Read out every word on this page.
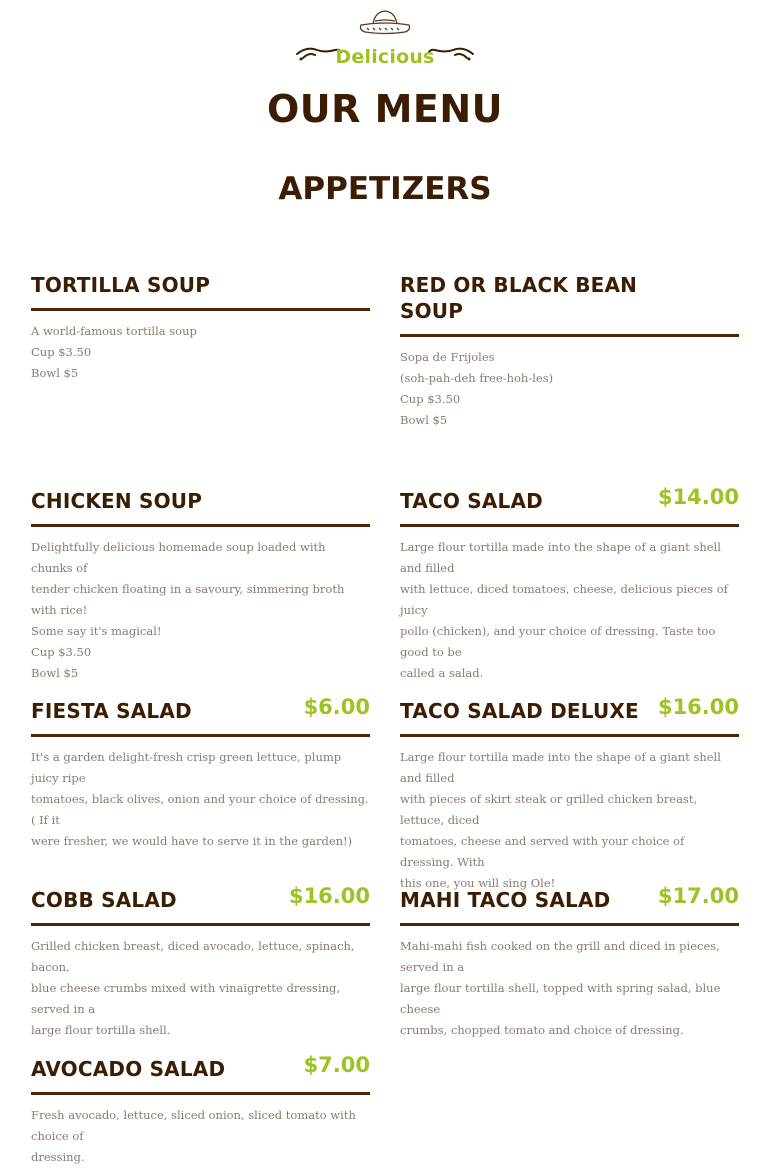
Delicious
OUR MENU
APPETIZERS
TORTILLA SOUP
A world-famous tortilla soup
Cup $3.50
Bowl $5
RED OR BLACK BEAN
SOUP
Sopa de Frijoles
(soh-pah-deh free-hoh-les)
Cup $3.50
Bowl $5
CHICKEN SOUP
Delightfully delicious homemade soup loaded with chunks of
tender chicken floating in a savoury, simmering broth with rice!
Some say it's magical!
Cup $3.50
Bowl $5
TACO SALAD	$14.00
Large flour tortilla made into the shape of a giant shell and filled
with lettuce, diced tomatoes, cheese, delicious pieces of juicy
pollo (chicken), and your choice of dressing. Taste too good to be
called a salad.
FIESTA SALAD	$6.00
It's a garden delight-fresh crisp green lettuce, plump juicy ripe
tomatoes, black olives, onion and your choice of dressing. ( If it
were fresher, we would have to serve it in the garden!)
TACO SALAD DELUXE $16.00
Large flour tortilla made into the shape of a giant shell and filled
with pieces of skirt steak or grilled chicken breast, lettuce, diced
tomatoes, cheese and served with your choice of dressing. With
this one, you will sing Ole!
COBB SALAD	$16.00
Grilled chicken breast, diced avocado, lettuce, spinach, bacon,
blue cheese crumbs mixed with vinaigrette dressing, served in a
large flour tortilla shell.
MAHI TACO SALAD	$17.00
Mahi-mahi fish cooked on the grill and diced in pieces, served in a
large flour tortilla shell, topped with spring salad, blue cheese
crumbs, chopped tomato and choice of dressing.
AVOCADO SALAD	$7.00
Fresh avocado, lettuce, sliced onion, sliced tomato with choice of
dressing.
